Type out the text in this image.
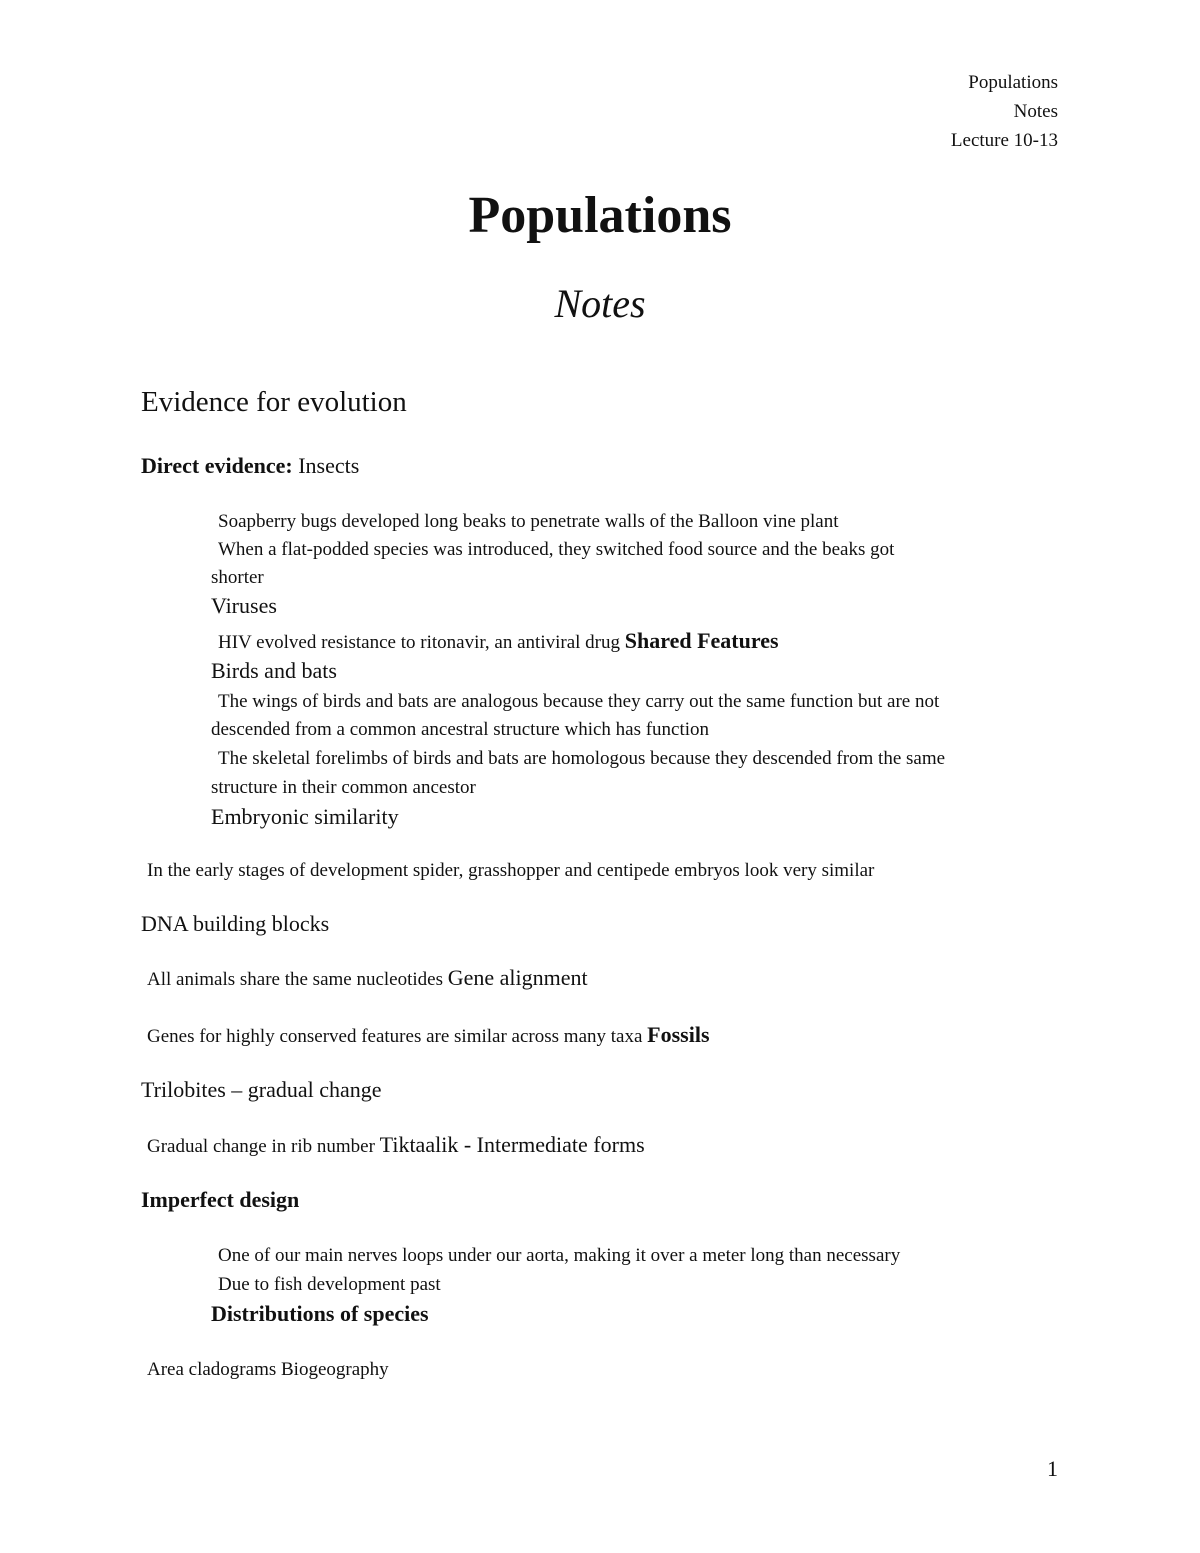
Populations
Notes
Lecture 10-13
Populations
Notes
Evidence for evolution
Direct evidence: Insects
Soapberry bugs developed long beaks to penetrate walls of the Balloon vine plant
When a flat-podded species was introduced, they switched food source and the beaks got
shorter
Viruses
HIV evolved resistance to ritonavir, an antiviral drug Shared Features
Birds and bats
The wings of birds and bats are analogous because they carry out the same function but are not
descended from a common ancestral structure which has function
The skeletal forelimbs of birds and bats are homologous because they descended from the same
structure in their common ancestor
Embryonic similarity
In the early stages of development spider, grasshopper and centipede embryos look very similar
DNA building blocks
All animals share the same nucleotides Gene alignment
Genes for highly conserved features are similar across many taxa Fossils
Trilobites – gradual change
Gradual change in rib number Tiktaalik - Intermediate forms
Imperfect design
One of our main nerves loops under our aorta, making it over a meter long than necessary
Due to fish development past
Distributions of species
Area cladograms Biogeography
1
